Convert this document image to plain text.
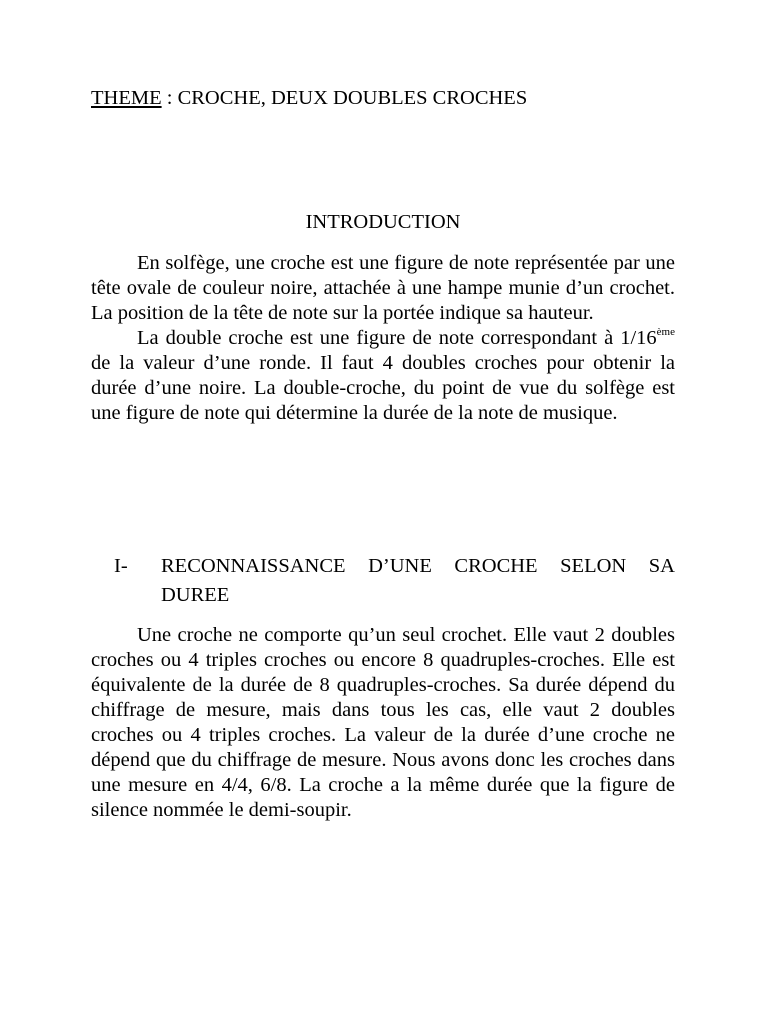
THEME : CROCHE, DEUX DOUBLES CROCHES

INTRODUCTION

En solfège, une croche est une figure de note représentée par une tête ovale de couleur noire, attachée à une hampe munie d’un crochet. La position de la tête de note sur la portée indique sa hauteur.

La double croche est une figure de note correspondant à 1/16ème de la valeur d’une ronde. Il faut 4 doubles croches pour obtenir la durée d’une noire. La double-croche, du point de vue du solfège est une figure de note qui détermine la durée de la note de musique.

I-	RECONNAISSANCE D’UNE CROCHE SELON SA DUREE

Une croche ne comporte qu’un seul crochet. Elle vaut 2 doubles croches ou 4 triples croches ou encore 8 quadruples-croches. Elle est équivalente de la durée de 8 quadruples-croches. Sa durée dépend du chiffrage de mesure, mais dans tous les cas, elle vaut 2 doubles croches ou 4 triples croches. La valeur de la durée d’une croche ne dépend que du chiffrage de mesure. Nous avons donc les croches dans une mesure en 4/4, 6/8. La croche a la même durée que la figure de silence nommée le demi-soupir.
